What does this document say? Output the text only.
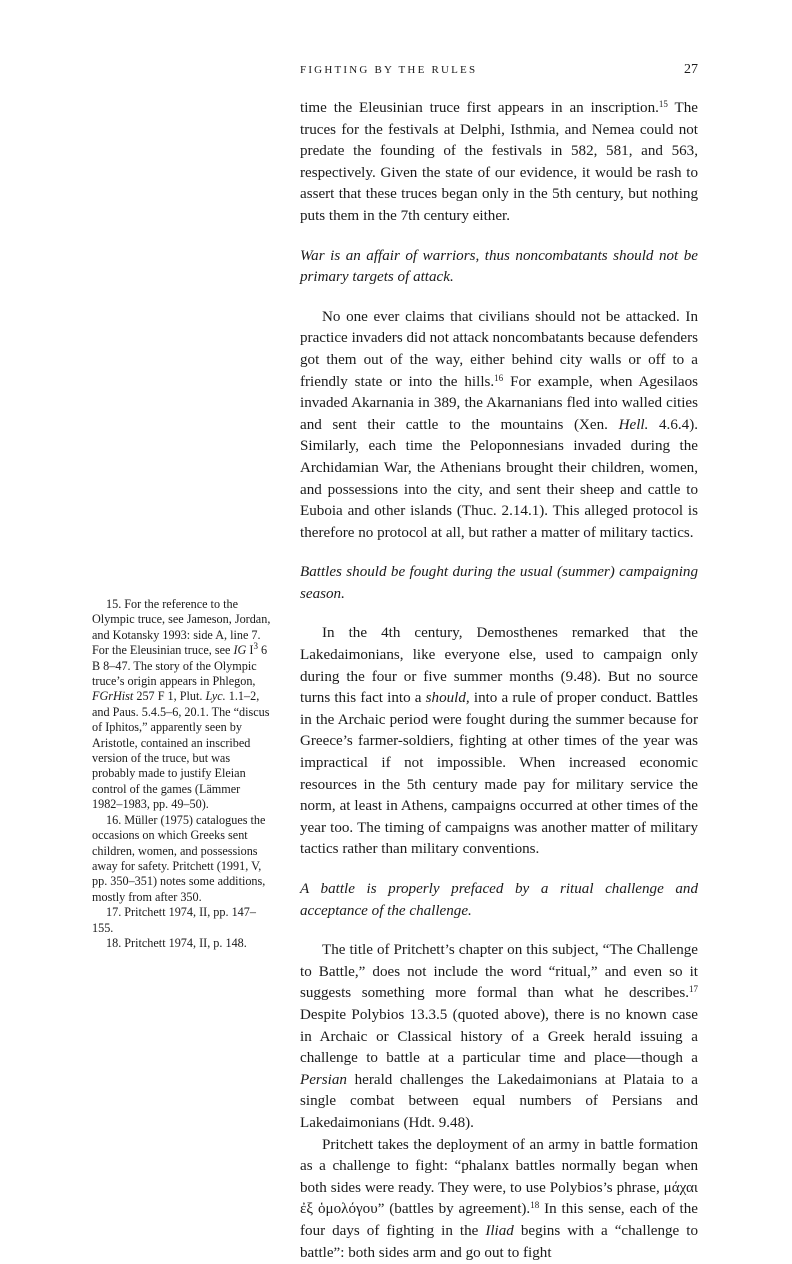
FIGHTING BY THE RULES	27

time the Eleusinian truce first appears in an inscription.$^{15}$ The truces for the festivals at Delphi, Isthmia, and Nemea could not predate the founding of the festivals in 582, 581, and 563, respectively. Given the state of our evidence, it would be rash to assert that these truces began only in the 5th century, but nothing puts them in the 7th century either.

War is an affair of warriors, thus noncombatants should not be primary targets of attack.

No one ever claims that civilians should not be attacked. In practice invaders did not attack noncombatants because defenders got them out of the way, either behind city walls or off to a friendly state or into the hills.$^{16}$ For example, when Agesilaos invaded Akarnania in 389, the Akarnanians fled into walled cities and sent their cattle to the mountains (Xen. Hell. 4.6.4). Similarly, each time the Peloponnesians invaded during the Archidamian War, the Athenians brought their children, women, and possessions into the city, and sent their sheep and cattle to Euboia and other islands (Thuc. 2.14.1). This alleged protocol is therefore no protocol at all, but rather a matter of military tactics.

Battles should be fought during the usual (summer) campaigning season.

In the 4th century, Demosthenes remarked that the Lakedaimonians, like everyone else, used to campaign only during the four or five summer months (9.48). But no source turns this fact into a should, into a rule of proper conduct. Battles in the Archaic period were fought during the summer because for Greece’s farmer-soldiers, fighting at other times of the year was impractical if not impossible. When increased economic resources in the 5th century made pay for military service the norm, at least in Athens, campaigns occurred at other times of the year too. The timing of campaigns was another matter of military tactics rather than military conventions.

A battle is properly prefaced by a ritual challenge and acceptance of the challenge.

The title of Pritchett’s chapter on this subject, “The Challenge to Battle,” does not include the word “ritual,” and even so it suggests something more formal than what he describes.$^{17}$ Despite Polybios 13.3.5 (quoted above), there is no known case in Archaic or Classical history of a Greek herald issuing a challenge to battle at a particular time and place—though a Persian herald challenges the Lakedaimonians at Plataia to a single combat between equal numbers of Persians and Lakedaimonians (Hdt. 9.48).

Pritchett takes the deployment of an army in battle formation as a challenge to fight: “phalanx battles normally began when both sides were ready. They were, to use Polybios’s phrase, μάχαι ἐξ ὁμολόγου” (battles by agreement).$^{18}$ In this sense, each of the four days of fighting in the Iliad begins with a “challenge to battle”: both sides arm and go out to fight

15. For the reference to the Olympic truce, see Jameson, Jordan, and Kotansky 1993: side A, line 7. For the Eleusinian truce, see IG $I^3$ 6 B 8–47. The story of the Olympic truce’s origin appears in Phlegon, FGrHist 257 F 1, Plut. Lyc. 1.1–2, and Paus. 5.4.5–6, 20.1. The “discus of Iphitos,” apparently seen by Aristotle, contained an inscribed version of the truce, but was probably made to justify Eleian control of the games (Lämmer 1982–1983, pp. 49–50).

16. Müller (1975) catalogues the occasions on which Greeks sent children, women, and possessions away for safety. Pritchett (1991, V, pp. 350–351) notes some additions, mostly from after 350.

17. Pritchett 1974, II, pp. 147–155.

18. Pritchett 1974, II, p. 148.
